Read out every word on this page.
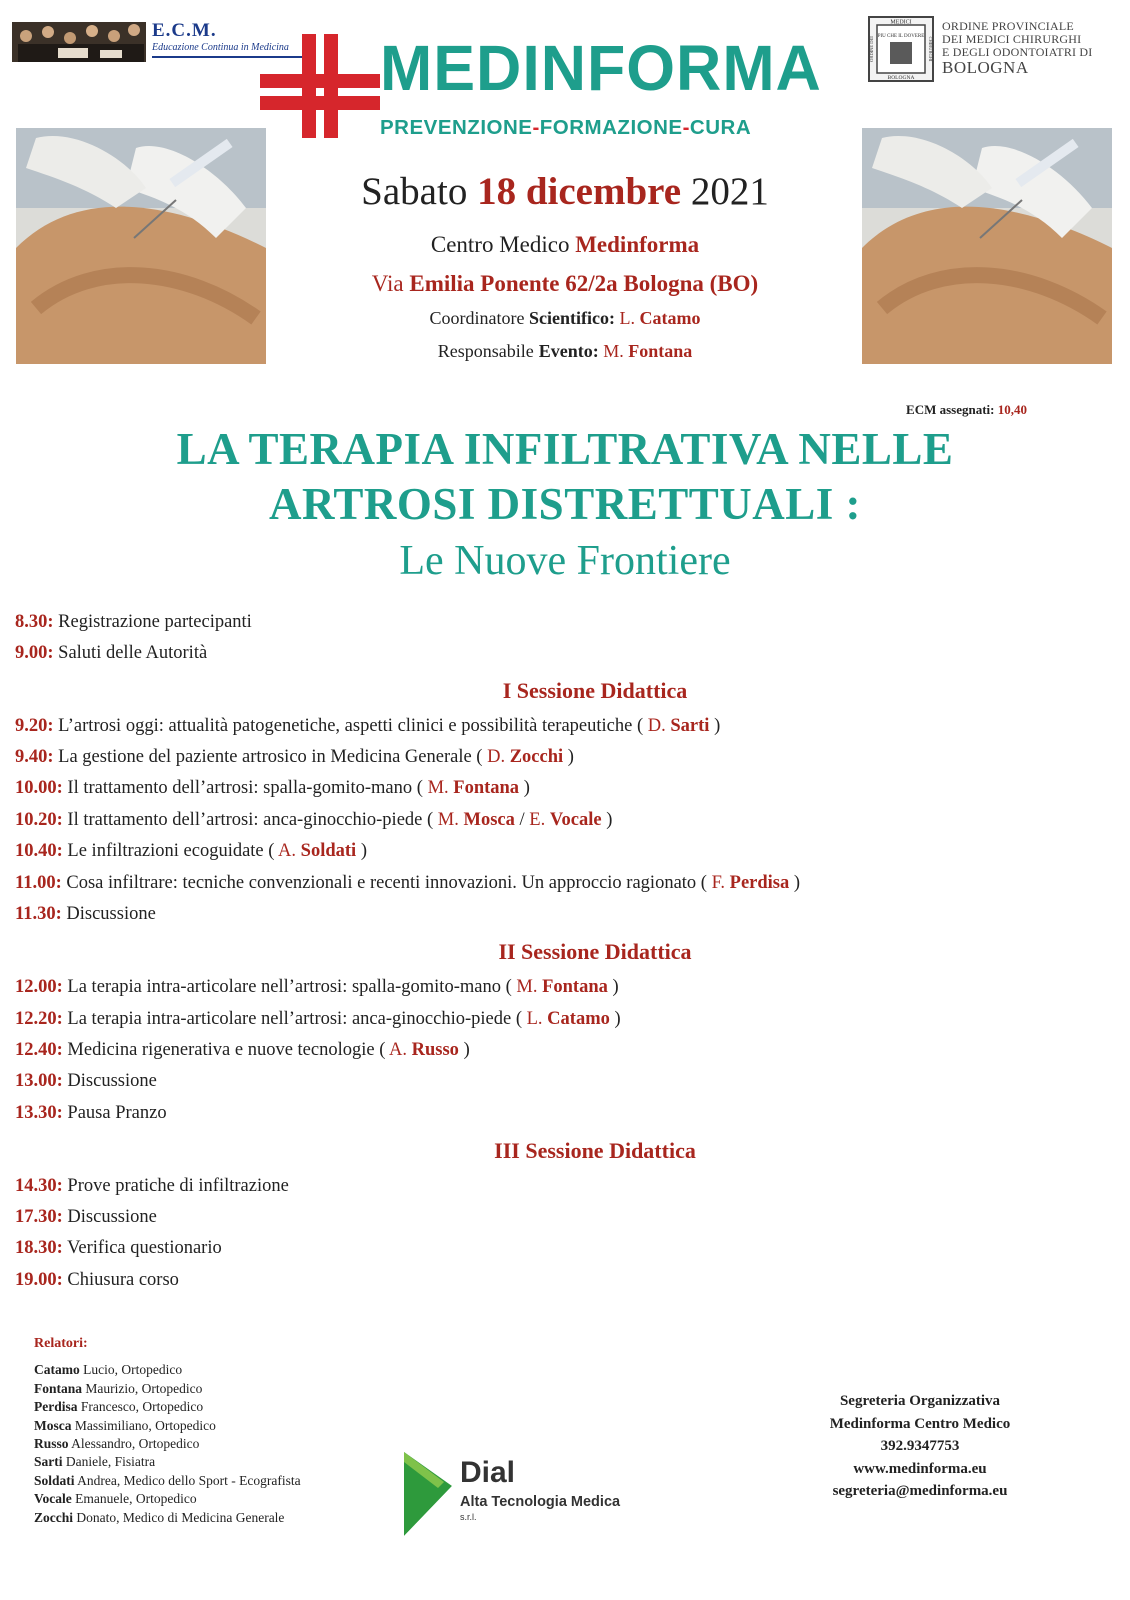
E.C.M.
Educazione Continua in Medicina MEDINFORMA
PREVENZIONE-FORMAZIONE-CURA
MEDICI
BOLOGNA
ORDINE DEI	CHIRURGHI
PIU CHE IL DOVERE
ORDINE PROVINCIALE
DEI MEDICI CHIRURGHI
E DEGLI ODONTOIATRI DI
BOLOGNA
Sabato 18 dicembre 2021
Centro Medico Medinforma
Via Emilia Ponente 62/2a Bologna (BO)
Coordinatore Scientifico: L. Catamo
Responsabile Evento: M. Fontana
ECM assegnati: 10,40
LA TERAPIA INFILTRATIVA NELLE
ARTROSI DISTRETTUALI :
Le Nuove Frontiere
8.30: Registrazione partecipanti
9.00: Saluti delle Autorità
I Sessione Didattica
9.20: L’artrosi oggi: attualità patogenetiche, aspetti clinici e possibilità terapeutiche ( D. Sarti )
9.40: La gestione del paziente artrosico in Medicina Generale ( D. Zocchi )
10.00: Il trattamento dell’artrosi: spalla-gomito-mano ( M. Fontana )
10.20: Il trattamento dell’artrosi: anca-ginocchio-piede ( M. Mosca / E. Vocale )
10.40: Le infiltrazioni ecoguidate ( A. Soldati )
11.00: Cosa infiltrare: tecniche convenzionali e recenti innovazioni. Un approccio ragionato ( F. Perdisa )
11.30: Discussione
II Sessione Didattica
12.00: La terapia intra-articolare nell’artrosi: spalla-gomito-mano ( M. Fontana )
12.20: La terapia intra-articolare nell’artrosi: anca-ginocchio-piede ( L. Catamo )
12.40: Medicina rigenerativa e nuove tecnologie ( A. Russo )
13.00: Discussione
13.30: Pausa Pranzo
III Sessione Didattica
14.30: Prove pratiche di infiltrazione
17.30: Discussione
18.30: Verifica questionario
19.00: Chiusura corso
Relatori:
Catamo Lucio, Ortopedico
Fontana Maurizio, Ortopedico
Perdisa Francesco, Ortopedico
Mosca Massimiliano, Ortopedico
Russo Alessandro, Ortopedico
Sarti Daniele, Fisiatra
Soldati Andrea, Medico dello Sport - Ecografista
Vocale Emanuele, Ortopedico
Zocchi Donato, Medico di Medicina Generale
Dial
Alta Tecnologia Medica
s.r.l.
Segreteria Organizzativa
Medinforma Centro Medico
392.9347753
www.medinforma.eu
segreteria@medinforma.eu
